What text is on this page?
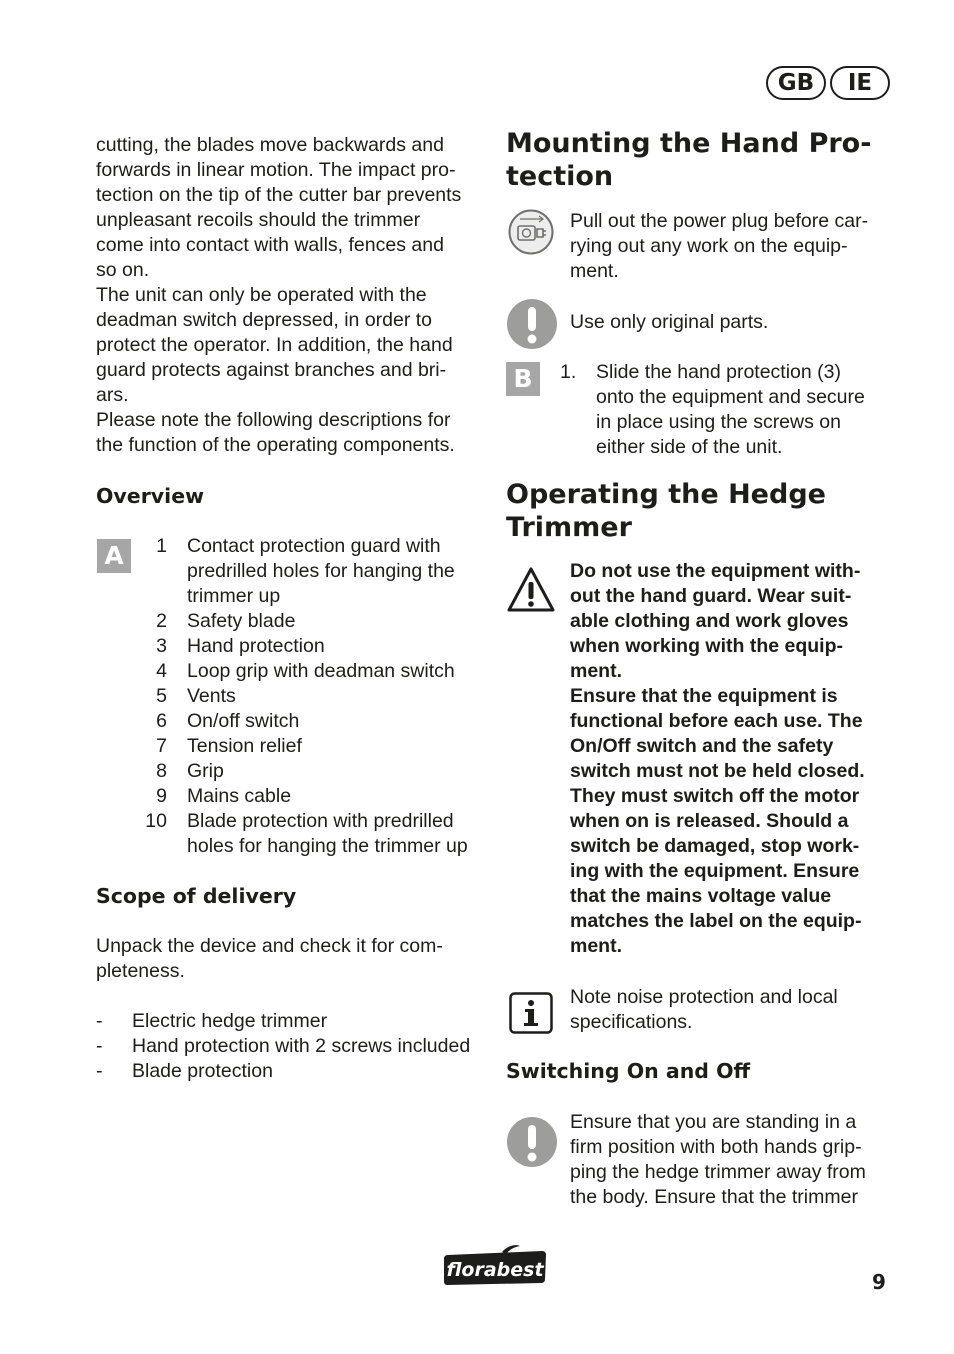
GB	IE
cutting, the blades move backwards and
forwards in linear motion. The impact pro-
tection on the tip of the cutter bar prevents
unpleasant recoils should the trimmer
come into contact with walls, fences and
so on.
The unit can only be operated with the
deadman switch depressed, in order to
protect the operator. In addition, the hand
guard protects against branches and bri-
ars.
Please note the following descriptions for
the function of the operating components.
Overview
A	1 Contact protection guard with
predrilled holes for hanging the
trimmer up
2 Safety blade
3 Hand protection
4 Loop grip with deadman switch
5 Vents
6 On/off switch
7 Tension relief
8 Grip
9 Mains cable
10 Blade protection with predrilled
holes for hanging the trimmer up
Scope of delivery
Unpack the device and check it for com-
pleteness.
- Electric hedge trimmer
- Hand protection with 2 screws included
- Blade protection
Mounting the Hand Pro-
tection
Pull out the power plug before car-
rying out any work on the equip-
ment.
Use only original parts.
B	1. Slide the hand protection (3)
onto the equipment and secure
in place using the screws on
either side of the unit.
Operating the Hedge
Trimmer
Do not use the equipment with-
out the hand guard. Wear suit-
able clothing and work gloves
when working with the equip-
ment.
Ensure that the equipment is
functional before each use. The
On/Off switch and the safety
switch must not be held closed.
They must switch off the motor
when on is released. Should a
switch be damaged, stop work-
ing with the equipment. Ensure
that the mains voltage value
matches the label on the equip-
ment.
Note noise protection and local
specifications.
Switching On and Off
Ensure that you are standing in a
firm position with both hands grip-
ping the hedge trimmer away from
the body. Ensure that the trimmer
florabest	9
